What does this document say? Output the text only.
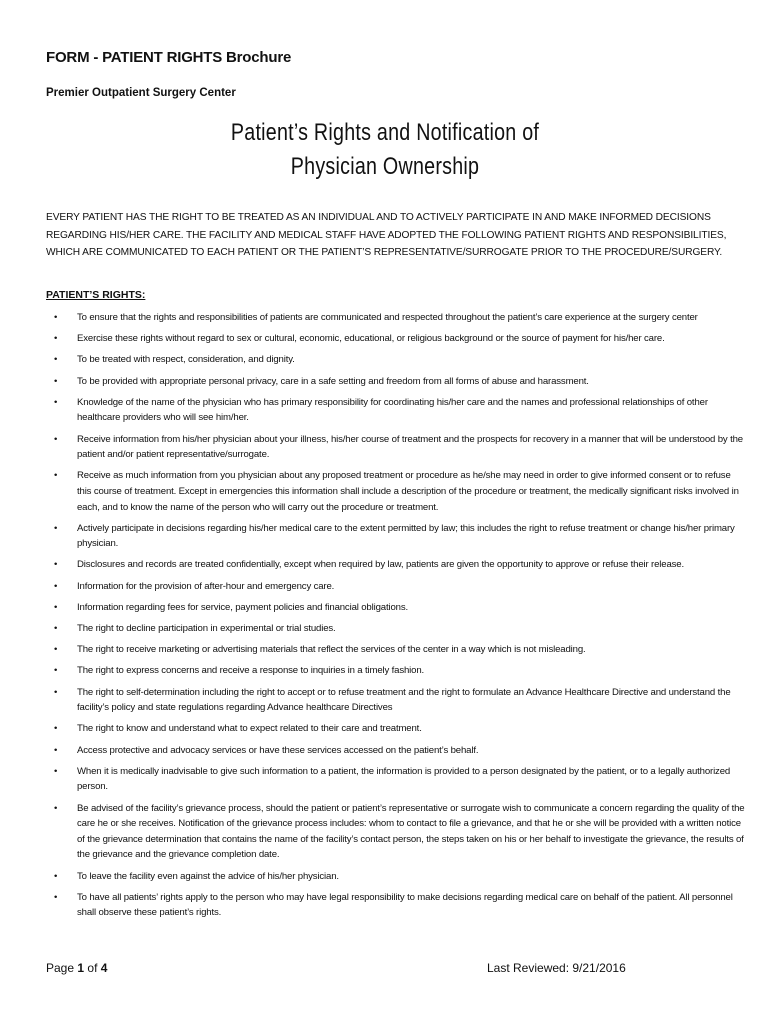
FORM - PATIENT RIGHTS Brochure
Premier Outpatient Surgery Center
Patient’s Rights and Notification of
Physician Ownership
EVERY PATIENT HAS THE RIGHT TO BE TREATED AS AN INDIVIDUAL AND TO ACTIVELY PARTICIPATE IN AND MAKE INFORMED DECISIONS REGARDING HIS/HER CARE. THE FACILITY AND MEDICAL STAFF HAVE ADOPTED THE FOLLOWING PATIENT RIGHTS AND RESPONSIBILITIES, WHICH ARE COMMUNICATED TO EACH PATIENT OR THE PATIENT’S REPRESENTATIVE/SURROGATE PRIOR TO THE PROCEDURE/SURGERY.
PATIENT’S RIGHTS:
• To ensure that the rights and responsibilities of patients are communicated and respected throughout the patient’s care experience at the surgery center
• Exercise these rights without regard to sex or cultural, economic, educational, or religious background or the source of payment for his/her care.
• To be treated with respect, consideration, and dignity.
• To be provided with appropriate personal privacy, care in a safe setting and freedom from all forms of abuse and harassment.
• Knowledge of the name of the physician who has primary responsibility for coordinating his/her care and the names and professional relationships of other healthcare providers who will see him/her.
• Receive information from his/her physician about your illness, his/her course of treatment and the prospects for recovery in a manner that will be understood by the patient and/or patient representative/surrogate.
• Receive as much information from you physician about any proposed treatment or procedure as he/she may need in order to give informed consent or to refuse this course of treatment. Except in emergencies this information shall include a description of the procedure or treatment, the medically significant risks involved in each, and to know the name of the person who will carry out the procedure or treatment.
• Actively participate in decisions regarding his/her medical care to the extent permitted by law; this includes the right to refuse treatment or change his/her primary physician.
• Disclosures and records are treated confidentially, except when required by law, patients are given the opportunity to approve or refuse their release.
• Information for the provision of after-hour and emergency care.
• Information regarding fees for service, payment policies and financial obligations.
• The right to decline participation in experimental or trial studies.
• The right to receive marketing or advertising materials that reflect the services of the center in a way which is not misleading.
• The right to express concerns and receive a response to inquiries in a timely fashion.
• The right to self-determination including the right to accept or to refuse treatment and the right to formulate an Advance Healthcare Directive and understand the facility’s policy and state regulations regarding Advance healthcare Directives
• The right to know and understand what to expect related to their care and treatment.
• Access protective and advocacy services or have these services accessed on the patient’s behalf.
• When it is medically inadvisable to give such information to a patient, the information is provided to a person designated by the patient, or to a legally authorized person.
• Be advised of the facility’s grievance process, should the patient or patient’s representative or surrogate wish to communicate a concern regarding the quality of the care he or she receives. Notification of the grievance process includes: whom to contact to file a grievance, and that he or she will be provided with a written notice of the grievance determination that contains the name of the facility’s contact person, the steps taken on his or her behalf to investigate the grievance, the results of the grievance and the grievance completion date.
• To leave the facility even against the advice of his/her physician.
• To have all patients’ rights apply to the person who may have legal responsibility to make decisions regarding medical care on behalf of the patient. All personnel shall observe these patient’s rights.
Page 1 of 4	Last Reviewed: 9/21/2016
